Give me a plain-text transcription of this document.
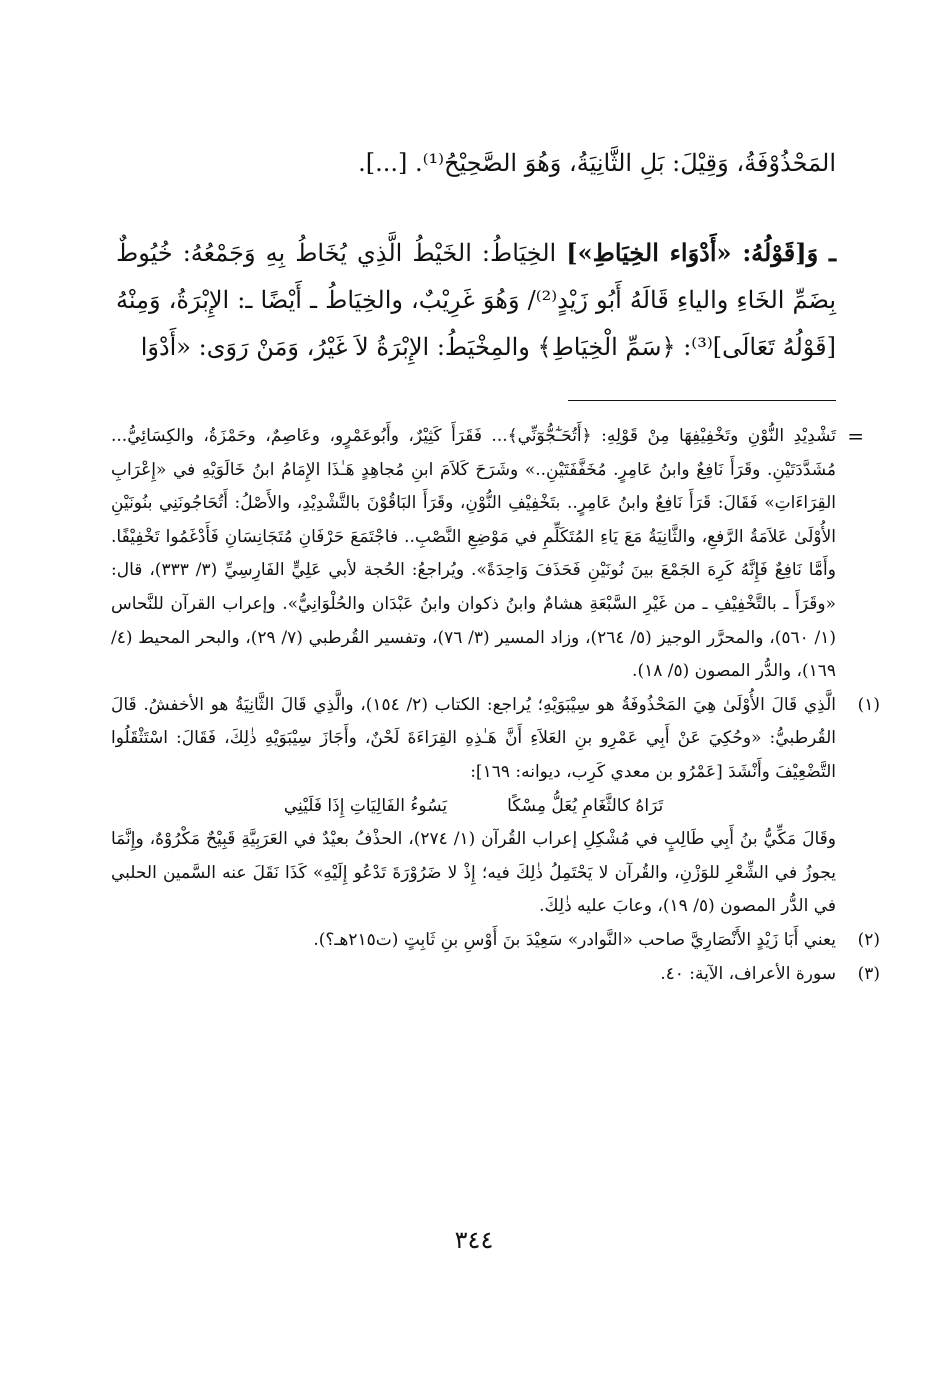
المَحْذُوْفَةُ، وَقِيْلَ: بَلِ الثَّانِيَةُ، وَهُوَ الصَّحِيْحُ⁽¹⁾. [...].

ـ وَ[قَوْلُهُ: «أَدْوَاء الخِيَاطِ»] الخِيَاطُ: الخَيْطُ الَّذِي يُخَاطُ بِهِ وَجَمْعُهُ: خُيُوطٌ بِضَمِّ الخَاءِ والياءِ قَالَهُ أَبُو زَيْدٍ⁽²⁾/ وَهُوَ غَرِيْبٌ، والخِيَاطُ ـ أَيْضًا ـ: الإِبْرَةُ، وَمِنْهُ [قَوْلُهُ تَعَالَى]⁽³⁾: ﴿سَمِّ الْخِيَاطِ﴾ والمِخْيَطُ: الإِبْرَةُ لاَ غَيْرُ، وَمَنْ رَوَى: «أَدْوَا

=

تَشْدِيْدِ النُّوْنِ وتَخْفِيْفِهَا مِنْ قَوْلِهِ: ﴿أَتُحَـٰٓجُّوٓنِّي﴾... فَقَرَأَ كَثِيْرٌ، وأَبُوعَمْرٍو، وعَاصِمٌ، وحَمْزَةُ، والكِسَائِيُّ... مُشَدَّدَتَيْنِ. وقَرَأَ نَافِعٌ وابنُ عَامِرٍ. مُخَفَّفَتَيْنِ..» وشَرَحَ كَلاَمَ ابنِ مُجاهِدٍ هَـٰذَا الإِمَامُ ابنُ خَالَوَيْهِ في «إِعْرَابِ القِرَاءَاتِ» فَقَالَ: قَرَأَ نَافِعٌ وابنُ عَامِرٍ.. بتَخْفِيْفِ النُّوْنِ، وقَرَأَ البَاقُوْنَ بالتَّشْدِيْدِ، والأَصْلُ: أَتُحَاجُونَنِي بنُونَيْنِ الأُوْلَىٰ عَلاَمَةُ الرَّفعِ، والثَّانِيَةُ مَعَ يَاءِ المُتَكَلِّمِ في مَوْضِعِ النَّصْبِ.. فاجْتَمَعَ حَرْفَانِ مُتَجَانِسَانِ فَأَدْغَمُوا تَخْفِيْفًا. وأَمَّا نَافِعٌ فَإِنَّهُ كَرِهَ الجَمْعَ بينَ نُونَيْنِ فَحَذَفَ وَاحِدَةً». ويُراجعُ: الحُجة لأبي عَلِيٍّ الفَارِسِيِّ (٣/ ٣٣٣)، قال: «وقَرَأَ ـ بالتَّخْفِيْفِ ـ من غَيْرِ السَّبْعَةِ هشامٌ وابنُ ذكوان وابنُ عَبْدَان والحُلْوَانِيُّ». وإعراب القرآن للنَّحاس (١/ ٥٦٠)، والمحرَّر الوجيز (٥/ ٢٦٤)، وزاد المسير (٣/ ٧٦)، وتفسير القُرطبي (٧/ ٢٩)، والبحر المحيط (٤/ ١٦٩)، والدُّر المصون (٥/ ١٨).

(١)

الَّذِي قَالَ الأُوْلَىٰ هِيَ المَحْذُوفَةُ هو سِيْبَوَيْهِ؛ يُراجع: الكتاب (٢/ ١٥٤)، والَّذِي قَالَ الثَّانِيَةُ هو الأخفشُ. قَالَ القُرطبيُّ: «وحُكِيَ عَنْ أَبِي عَمْرِو بنِ العَلاَءِ أَنَّ هَـٰذِهِ القِرَاءَةَ لَحْنٌ، وأَجَازَ سِيْبَوَيْهِ ذٰلِكَ، فَقَالَ: اسْتَثْقَلُوا التَّضْعِيْفَ وأَنْشَدَ [عَمْرُو بن معدي كَرِب، ديوانه: ١٦٩]:

تَرَاهُ كالثَّغَامِ يُعَلُّ مِسْكًا
يَسُوءُ الفَالِيَاتِ إِذَا فَلَيْنِي

وقَالَ مَكِّيُّ بنُ أَبِي طَالِبٍ في مُشْكِلِ إعراب القُرآن (١/ ٢٧٤)، الحذْفُ بعيْدٌ في العَرَبِيَّةِ قَبِيْحٌ مَكْرُوْهٌ، وإِنَّمَا يجوزُ في الشِّعْرِ للوَزْنِ، والقُرآن لا يَحْتَمِلُ ذٰلِكَ فيه؛ إِذْ لا ضَرُوْرَةَ تَدْعُو إِلَيْهِ» كَذَا نَقَلَ عنه السَّمين الحلبي في الدُّر المصون (٥/ ١٩)، وعابَ عليه ذٰلِكَ.

(٢)

يعني أَبَا زَيْدٍ الأَنْصَارِيَّ صاحب «النَّوادر» سَعِيْدَ بنَ أَوْسِ بنِ ثَابِتٍ (ت٢١٥هـ؟).

(٣)

سورة الأعراف، الآية: ٤٠.

٣٤٤
